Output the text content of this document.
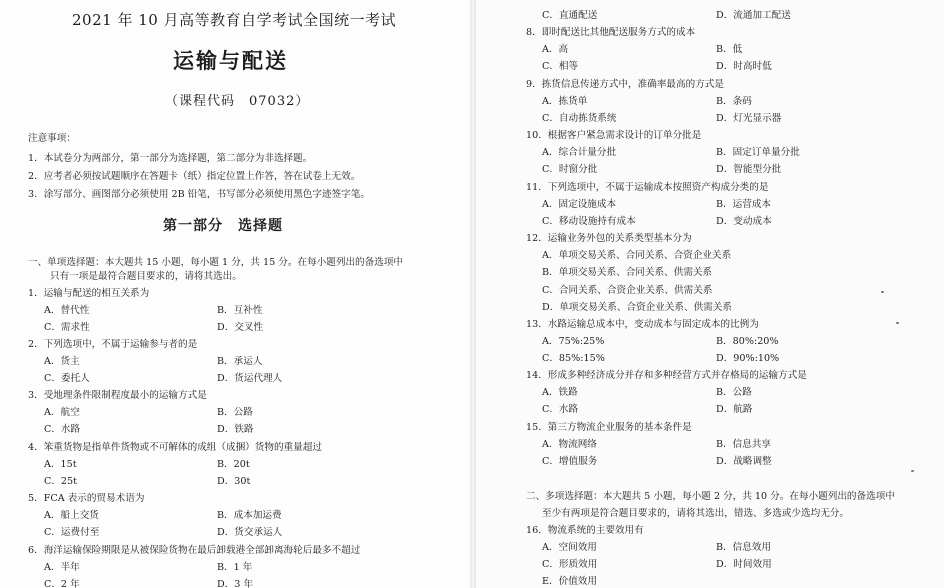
2021 年 10 月高等教育自学考试全国统一考试
运输与配送
（课程代码　07032）
注意事项：
1．本试卷分为两部分，第一部分为选择题，第二部分为非选择题。
2．应考者必须按试题顺序在答题卡（纸）指定位置上作答，答在试卷上无效。
3．涂写部分、画图部分必须使用 2B 铅笔，书写部分必须使用黑色字迹签字笔。
第一部分　选择题
一、单项选择题：本大题共 15 小题，每小题 1 分，共 15 分。在每小题列出的备选项中
只有一项是最符合题目要求的，请将其选出。
1．运输与配送的相互关系为
A．替代性	B．互补性
C．需求性	D．交叉性
2．下列选项中，不属于运输参与者的是
A．货主	B．承运人
C．委托人	D．货运代理人
3．受地理条件限制程度最小的运输方式是
A．航空	B．公路
C．水路	D．铁路
4．笨重货物是指单件货物或不可解体的成组（成捆）货物的重量超过
A．15t	B．20t
C．25t	D．30t
5．FCA 表示的贸易术语为
A．船上交货	B．成本加运费
C．运费付至	D．货交承运人
6．海洋运输保险期限是从被保险货物在最后卸载港全部卸离海轮后最多不超过
A．半年	B．1 年
C．2 年	D．3 年
C．直通配送	D．流通加工配送
8．即时配送比其他配送服务方式的成本
A．高	B．低
C．相等	D．时高时低
9．拣货信息传递方式中，准确率最高的方式是
A．拣货单	B．条码
C．自动拣货系统	D．灯光显示器
10．根据客户紧急需求设计的订单分批是
A．综合计量分批	B．固定订单量分批
C．时窗分批	D．智能型分批
11．下列选项中，不属于运输成本按照资产构成分类的是
A．固定设施成本	B．运营成本
C．移动设施持有成本	D．变动成本
12．运输业务外包的关系类型基本分为
A．单项交易关系、合同关系、合资企业关系
B．单项交易关系、合同关系、供需关系
C．合同关系、合资企业关系、供需关系
D．单项交易关系、合资企业关系、供需关系
13．水路运输总成本中，变动成本与固定成本的比例为
A．75%:25%	B．80%:20%
C．85%:15%	D．90%:10%
14．形成多种经济成分并存和多种经营方式并存格局的运输方式是
A．铁路	B．公路
C．水路	D．航路
15．第三方物流企业服务的基本条件是
A．物流网络	B．信息共享
C．增值服务	D．战略调整
二、多项选择题：本大题共 5 小题，每小题 2 分，共 10 分。在每小题列出的备选项中
至少有两项是符合题目要求的，请将其选出，错选、多选或少选均无分。
16．物流系统的主要效用有
A．空间效用	B．信息效用
C．形质效用	D．时间效用
E．价值效用
